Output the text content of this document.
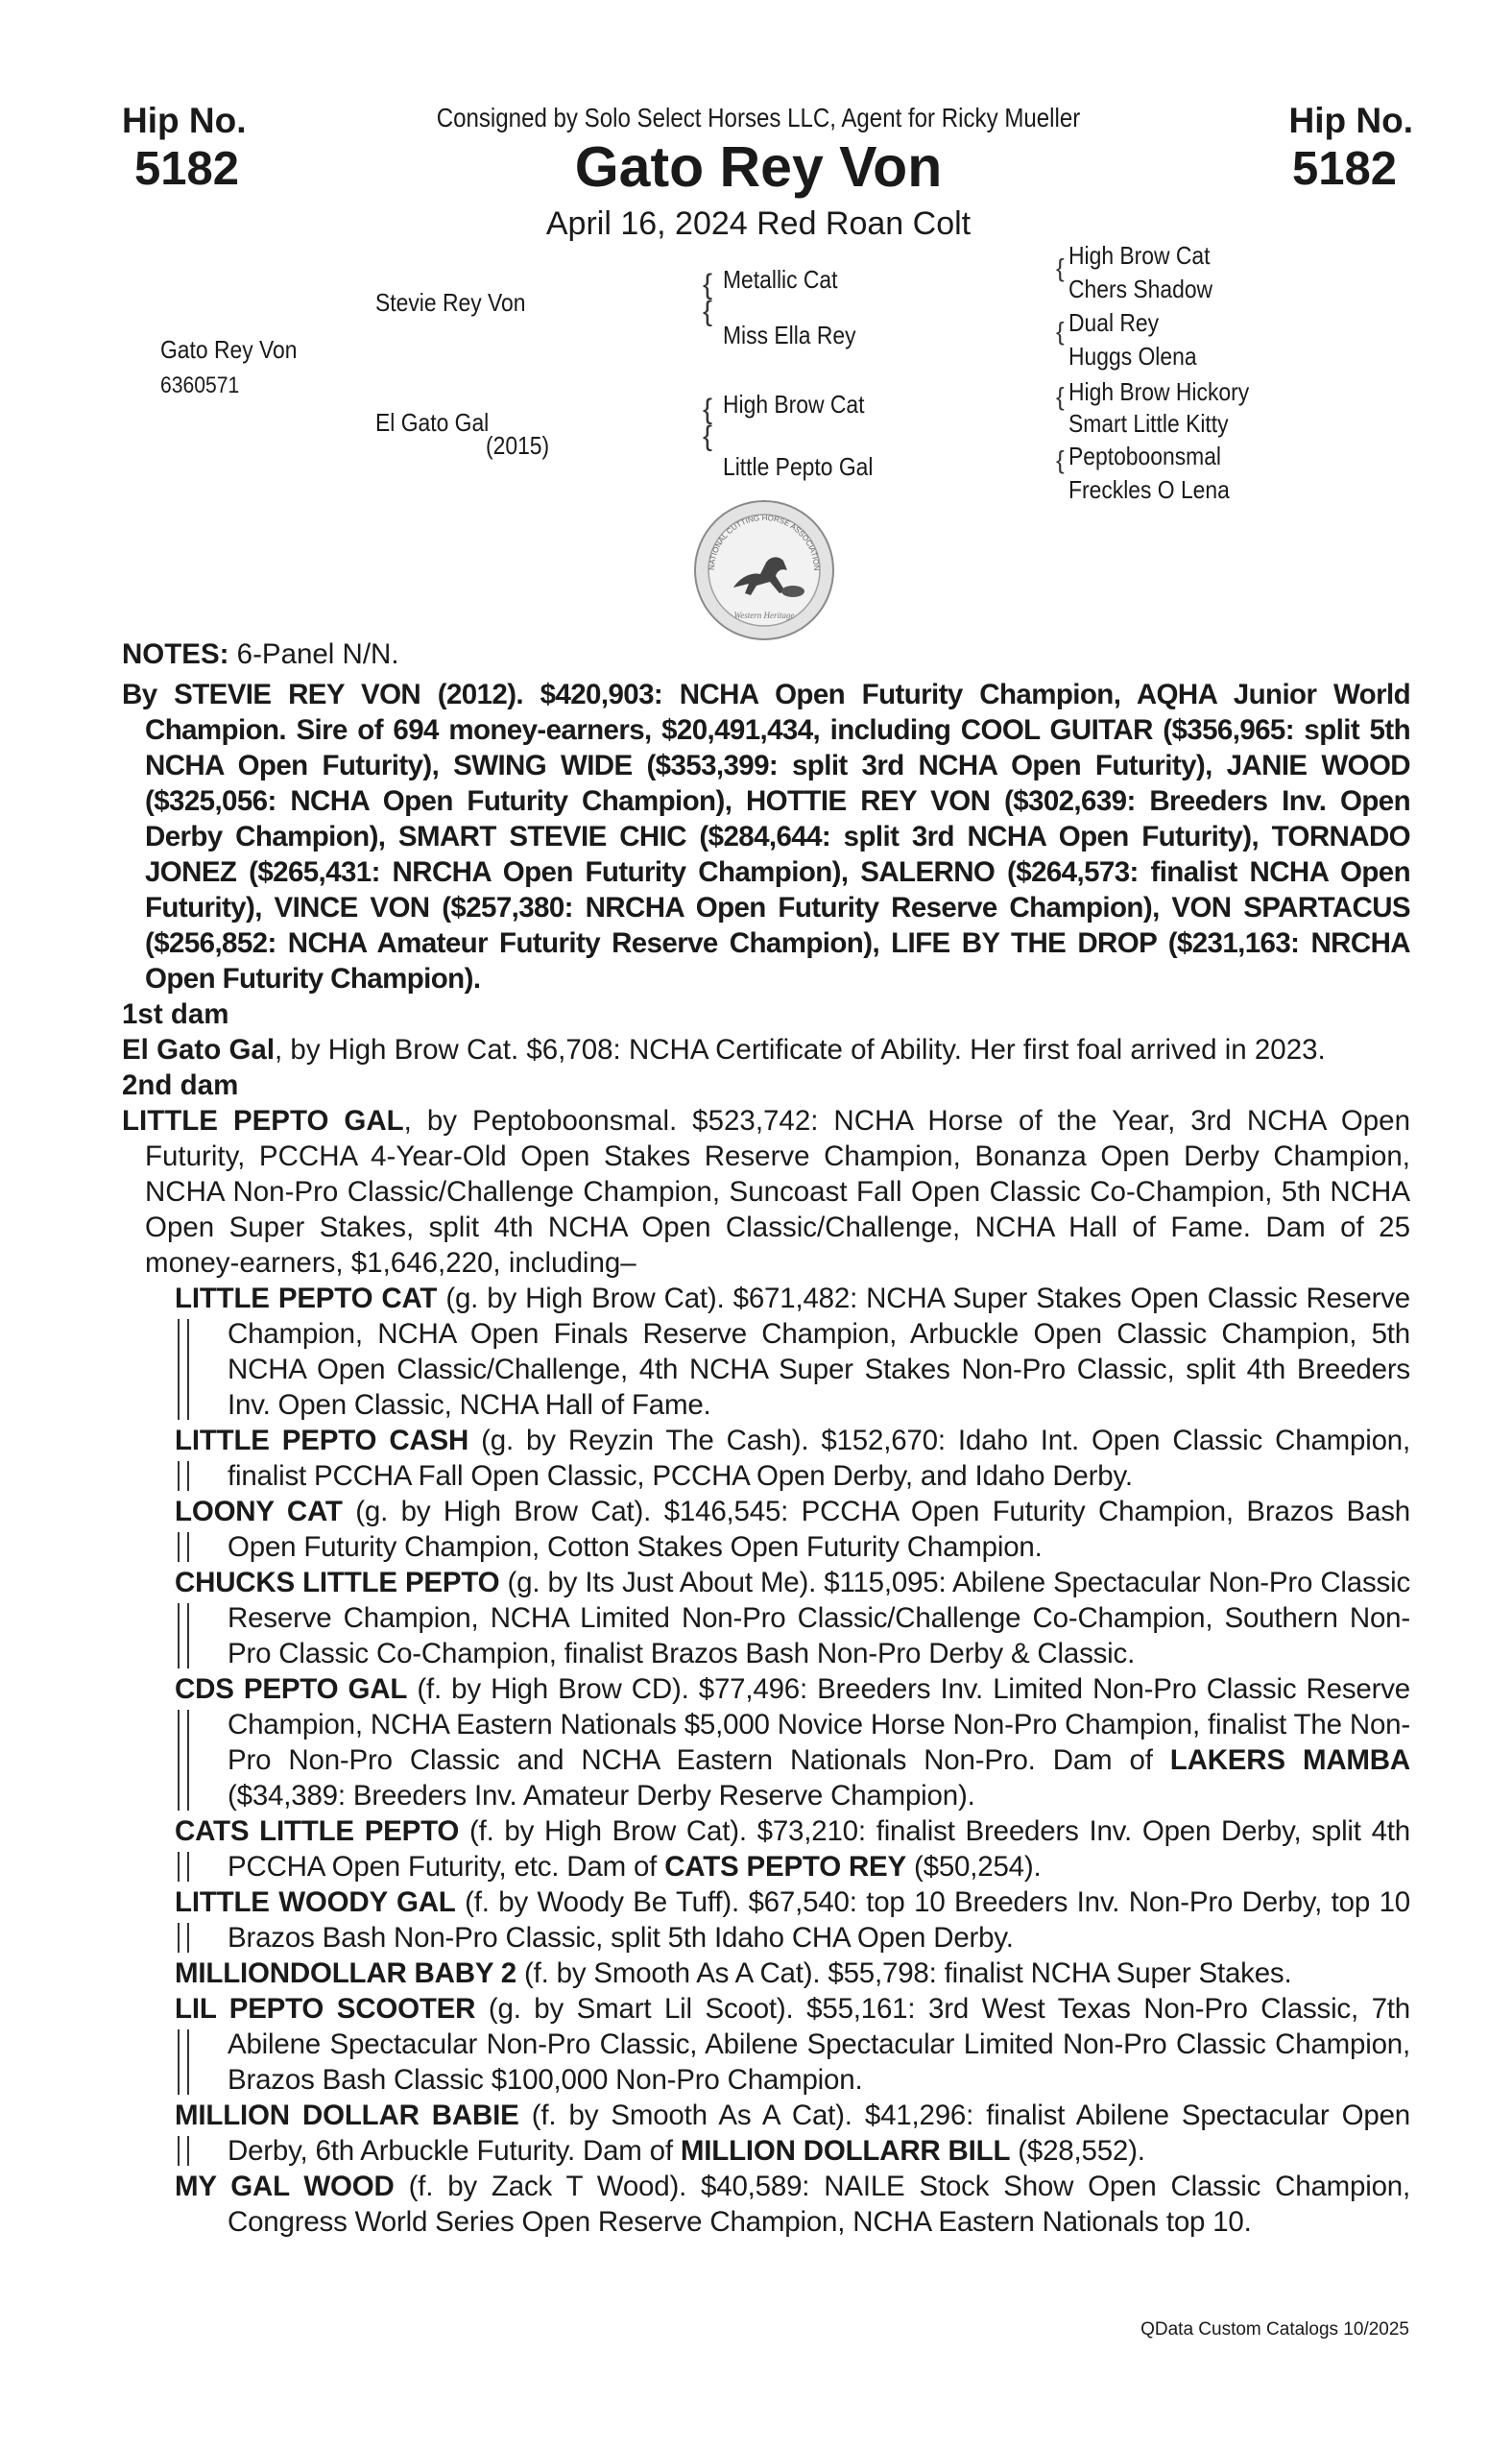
Hip No.
5182
Hip No.
5182
Consigned by Solo Select Horses LLC, Agent for Ricky Mueller
Gato Rey Von
April 16, 2024 Red Roan Colt
Gato Rey Von
6360571
Stevie Rey Von
El Gato Gal
(2015)
{
{
Metallic Cat
Miss Ella Rey
{
{
High Brow Cat
Little Pepto Gal
{
{
{
{
High Brow Cat
Chers Shadow
Dual Rey
Huggs Olena
High Brow Hickory
Smart Little Kitty
Peptoboonsmal
Freckles O Lena
NATIONAL CUTTING HORSE ASSOCIATION
Western Heritage

NOTES: 6-Panel N/N.

By STEVIE REY VON (2012). $420,903: NCHA Open Futurity Champion, AQHA Junior World Champion. Sire of 694 money-earners, $20,491,434, including COOL GUITAR ($356,965: split 5th NCHA Open Futurity), SWING WIDE ($353,399: split 3rd NCHA Open Futurity), JANIE WOOD ($325,056: NCHA Open Futurity Champion), HOTTIE REY VON ($302,639: Breeders Inv. Open Derby Champion), SMART STEVIE CHIC ($284,644: split 3rd NCHA Open Futurity), TORNADO JONEZ ($265,431: NRCHA Open Futurity Champion), SALERNO ($264,573: finalist NCHA Open Futurity), VINCE VON ($257,380: NRCHA Open Futurity Reserve Champion), VON SPARTACUS ($256,852: NCHA Amateur Futurity Reserve Champion), LIFE BY THE DROP ($231,163: NRCHA Open Futurity Champion).

1st dam

El Gato Gal, by High Brow Cat. $6,708: NCHA Certificate of Ability. Her first foal arrived in 2023.

2nd dam

LITTLE PEPTO GAL, by Peptoboonsmal. $523,742: NCHA Horse of the Year, 3rd NCHA Open Futurity, PCCHA 4-Year-Old Open Stakes Reserve Champion, Bonanza Open Derby Champion, NCHA Non-Pro Classic/Challenge Champion, Suncoast Fall Open Classic Co-Champion, 5th NCHA Open Super Stakes, split 4th NCHA Open Classic/Challenge, NCHA Hall of Fame. Dam of 25 money-earners, $1,646,220, including–

LITTLE PEPTO CAT (g. by High Brow Cat). $671,482: NCHA Super Stakes Open Classic Reserve Champion, NCHA Open Finals Reserve Champion, Arbuckle Open Classic Champion, 5th NCHA Open Classic/Challenge, 4th NCHA Super Stakes Non-Pro Classic, split 4th Breeders Inv. Open Classic, NCHA Hall of Fame.

LITTLE PEPTO CASH (g. by Reyzin The Cash). $152,670: Idaho Int. Open Classic Champion, finalist PCCHA Fall Open Classic, PCCHA Open Derby, and Idaho Derby.

LOONY CAT (g. by High Brow Cat). $146,545: PCCHA Open Futurity Champion, Brazos Bash Open Futurity Champion, Cotton Stakes Open Futurity Champion.

CHUCKS LITTLE PEPTO (g. by Its Just About Me). $115,095: Abilene Spectacular Non-Pro Classic Reserve Champion, NCHA Limited Non-Pro Classic/Challenge Co-Champion, Southern Non-Pro Classic Co-Champion, finalist Brazos Bash Non-Pro Derby & Classic.

CDS PEPTO GAL (f. by High Brow CD). $77,496: Breeders Inv. Limited Non-Pro Classic Reserve Champion, NCHA Eastern Nationals $5,000 Novice Horse Non-Pro Champion, finalist The Non-Pro Non-Pro Classic and NCHA Eastern Nationals Non-Pro. Dam of LAKERS MAMBA ($34,389: Breeders Inv. Amateur Derby Reserve Champion).

CATS LITTLE PEPTO (f. by High Brow Cat). $73,210: finalist Breeders Inv. Open Derby, split 4th PCCHA Open Futurity, etc. Dam of CATS PEPTO REY ($50,254).

LITTLE WOODY GAL (f. by Woody Be Tuff). $67,540: top 10 Breeders Inv. Non-Pro Derby, top 10 Brazos Bash Non-Pro Classic, split 5th Idaho CHA Open Derby.

MILLIONDOLLAR BABY 2 (f. by Smooth As A Cat). $55,798: finalist NCHA Super Stakes.

LIL PEPTO SCOOTER (g. by Smart Lil Scoot). $55,161: 3rd West Texas Non-Pro Classic, 7th Abilene Spectacular Non-Pro Classic, Abilene Spectacular Limited Non-Pro Classic Champion, Brazos Bash Classic $100,000 Non-Pro Champion.

MILLION DOLLAR BABIE (f. by Smooth As A Cat). $41,296: finalist Abilene Spectacular Open Derby, 6th Arbuckle Futurity. Dam of MILLION DOLLARR BILL ($28,552).

MY GAL WOOD (f. by Zack T Wood). $40,589: NAILE Stock Show Open Classic Champion, Congress World Series Open Reserve Champion, NCHA Eastern Nationals top 10.

QData Custom Catalogs 10/2025
